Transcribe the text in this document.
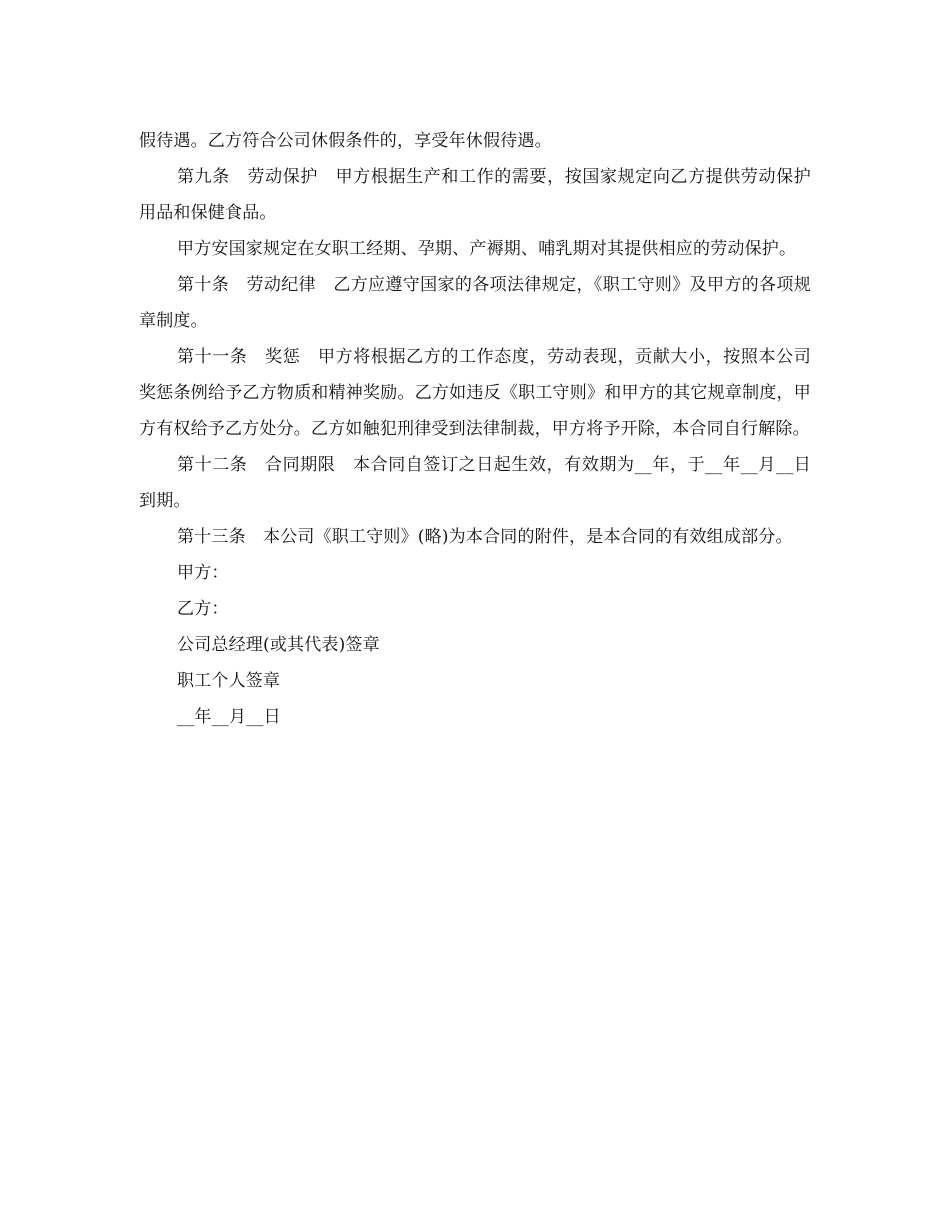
假待遇。乙方符合公司休假条件的，享受年休假待遇。

第九条　劳动保护　甲方根据生产和工作的需要，按国家规定向乙方提供劳动保护用品和保健食品。

甲方安国家规定在女职工经期、孕期、产褥期、哺乳期对其提供相应的劳动保护。

第十条　劳动纪律　乙方应遵守国家的各项法律规定，《职工守则》及甲方的各项规章制度。

第十一条　奖惩　甲方将根据乙方的工作态度，劳动表现，贡献大小，按照本公司奖惩条例给予乙方物质和精神奖励。乙方如违反《职工守则》和甲方的其它规章制度，甲方有权给予乙方处分。乙方如触犯刑律受到法律制裁，甲方将予开除，本合同自行解除。

第十二条　合同期限　本合同自签订之日起生效，有效期为__年，于__年__月__日到期。

第十三条　本公司《职工守则》(略)为本合同的附件，是本合同的有效组成部分。

甲方：

乙方：

公司总经理(或其代表)签章

职工个人签章

__年__月__日
